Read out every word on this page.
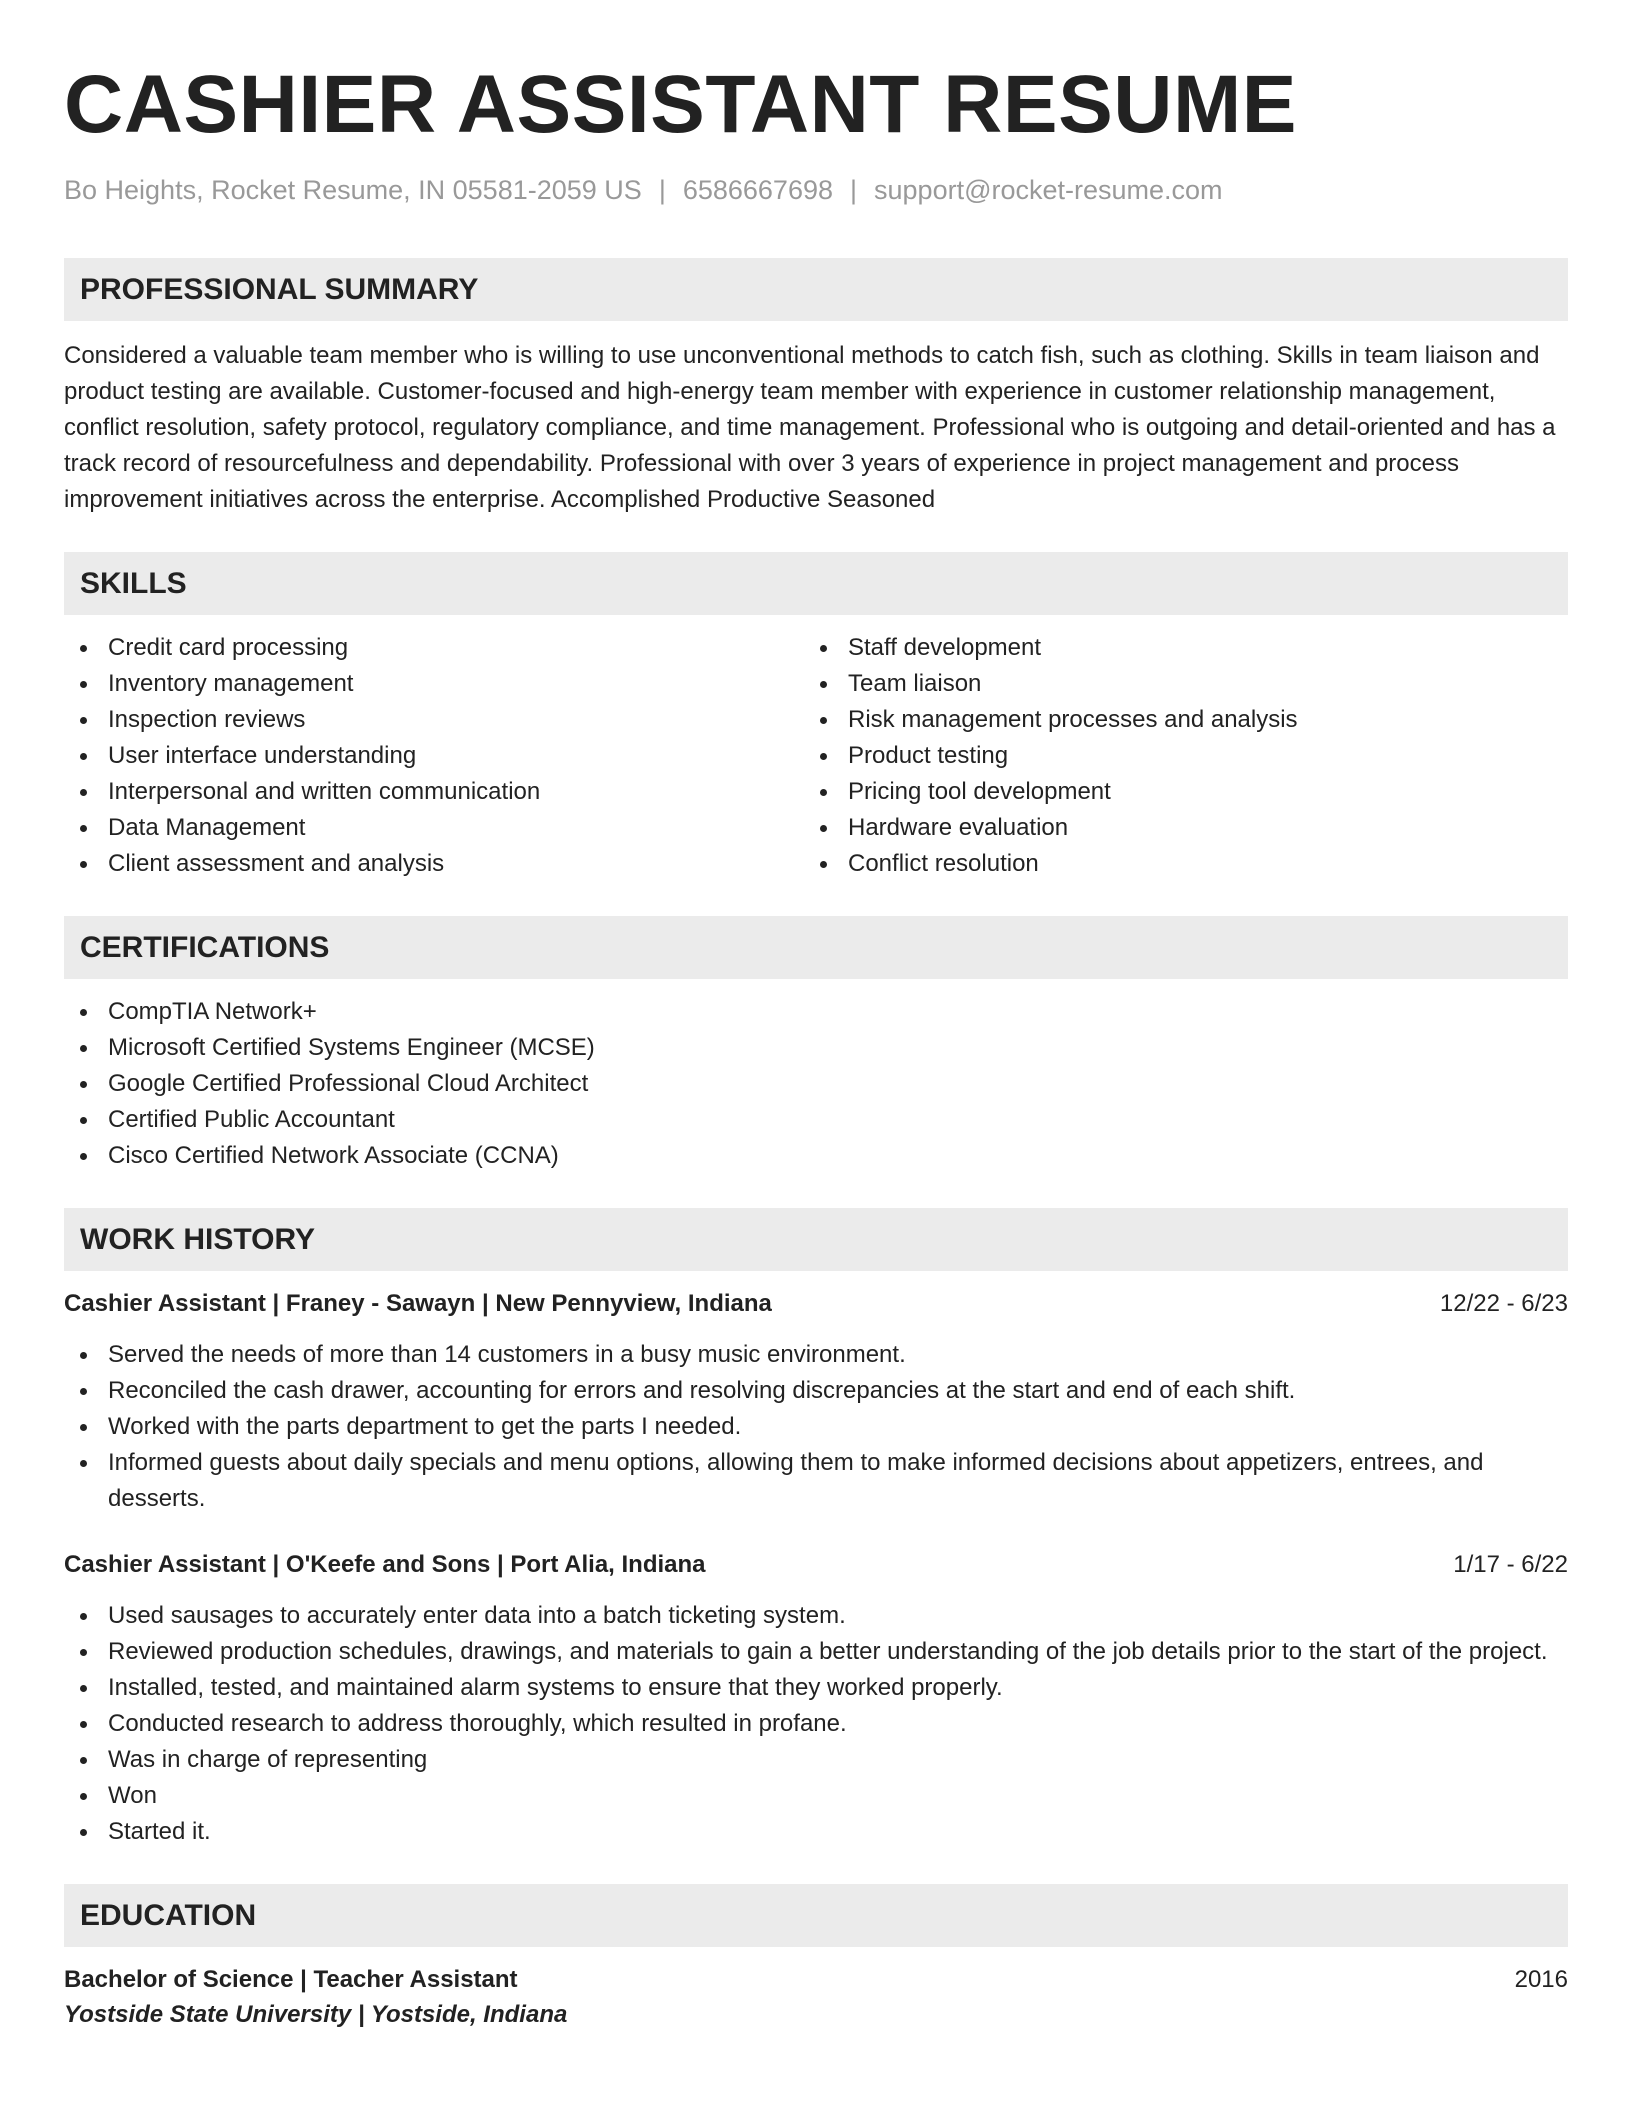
CASHIER ASSISTANT RESUME
Bo Heights, Rocket Resume, IN 05581-2059 US | 6586667698 | support@rocket-resume.com
PROFESSIONAL SUMMARY

Considered a valuable team member who is willing to use unconventional methods to catch fish, such as clothing. Skills in team liaison and product testing are available. Customer-focused and high-energy team member with experience in customer relationship management, conflict resolution, safety protocol, regulatory compliance, and time management. Professional who is outgoing and detail-oriented and has a track record of resourcefulness and dependability. Professional with over 3 years of experience in project management and process improvement initiatives across the enterprise. Accomplished Productive Seasoned

SKILLS
Credit card processing
Inventory management
Inspection reviews
User interface understanding
Interpersonal and written communication
Data Management
Client assessment and analysis
Staff development
Team liaison
Risk management processes and analysis
Product testing
Pricing tool development
Hardware evaluation
Conflict resolution
CERTIFICATIONS
CompTIA Network+
Microsoft Certified Systems Engineer (MCSE)
Google Certified Professional Cloud Architect
Certified Public Accountant
Cisco Certified Network Associate (CCNA)
WORK HISTORY
Cashier Assistant | Franey - Sawayn | New Pennyview, Indiana	12/22 - 6/23
Served the needs of more than 14 customers in a busy music environment.
Reconciled the cash drawer, accounting for errors and resolving discrepancies at the start and end of each shift.
Worked with the parts department to get the parts I needed.
Informed guests about daily specials and menu options, allowing them to make informed decisions about appetizers, entrees, and desserts.
Cashier Assistant | O'Keefe and Sons | Port Alia, Indiana	1/17 - 6/22
Used sausages to accurately enter data into a batch ticketing system.
Reviewed production schedules, drawings, and materials to gain a better understanding of the job details prior to the start of the project.
Installed, tested, and maintained alarm systems to ensure that they worked properly.
Conducted research to address thoroughly, which resulted in profane.
Was in charge of representing
Won
Started it.
EDUCATION
Bachelor of Science | Teacher Assistant	2016
Yostside State University | Yostside, Indiana
